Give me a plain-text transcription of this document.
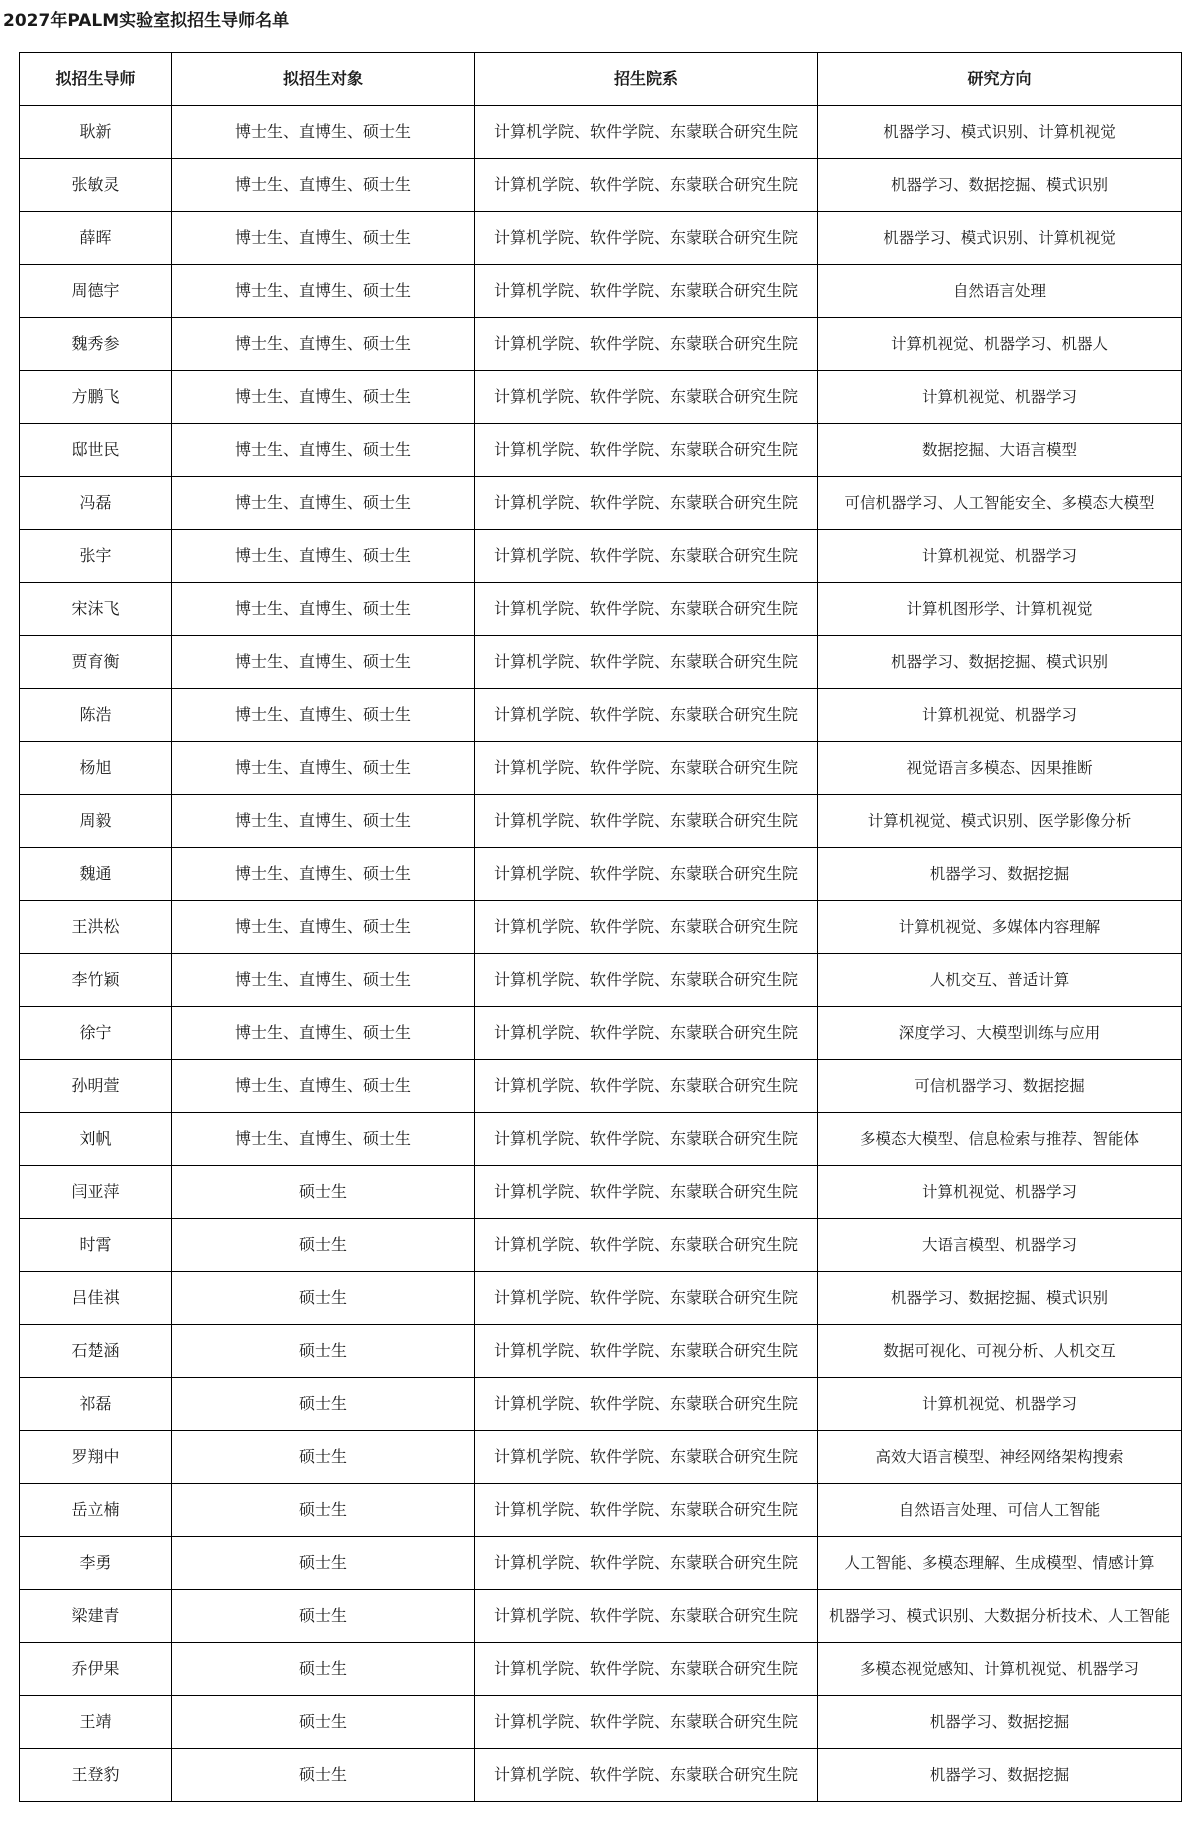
2027年PALM实验室拟招生导师名单
拟招生导师	拟招生对象	招生院系	研究方向
耿新	博士生、直博生、硕士生	计算机学院、软件学院、东蒙联合研究生院	机器学习、模式识别、计算机视觉
张敏灵	博士生、直博生、硕士生	计算机学院、软件学院、东蒙联合研究生院	机器学习、数据挖掘、模式识别
薛晖	博士生、直博生、硕士生	计算机学院、软件学院、东蒙联合研究生院	机器学习、模式识别、计算机视觉
周德宇	博士生、直博生、硕士生	计算机学院、软件学院、东蒙联合研究生院	自然语言处理
魏秀参	博士生、直博生、硕士生	计算机学院、软件学院、东蒙联合研究生院	计算机视觉、机器学习、机器人
方鹏飞	博士生、直博生、硕士生	计算机学院、软件学院、东蒙联合研究生院	计算机视觉、机器学习
邸世民	博士生、直博生、硕士生	计算机学院、软件学院、东蒙联合研究生院	数据挖掘、大语言模型
冯磊	博士生、直博生、硕士生	计算机学院、软件学院、东蒙联合研究生院	可信机器学习、人工智能安全、多模态大模型
张宇	博士生、直博生、硕士生	计算机学院、软件学院、东蒙联合研究生院	计算机视觉、机器学习
宋沫飞	博士生、直博生、硕士生	计算机学院、软件学院、东蒙联合研究生院	计算机图形学、计算机视觉
贾育衡	博士生、直博生、硕士生	计算机学院、软件学院、东蒙联合研究生院	机器学习、数据挖掘、模式识别
陈浩	博士生、直博生、硕士生	计算机学院、软件学院、东蒙联合研究生院	计算机视觉、机器学习
杨旭	博士生、直博生、硕士生	计算机学院、软件学院、东蒙联合研究生院	视觉语言多模态、因果推断
周毅	博士生、直博生、硕士生	计算机学院、软件学院、东蒙联合研究生院	计算机视觉、模式识别、医学影像分析
魏通	博士生、直博生、硕士生	计算机学院、软件学院、东蒙联合研究生院	机器学习、数据挖掘
王洪松	博士生、直博生、硕士生	计算机学院、软件学院、东蒙联合研究生院	计算机视觉、多媒体内容理解
李竹颖	博士生、直博生、硕士生	计算机学院、软件学院、东蒙联合研究生院	人机交互、普适计算
徐宁	博士生、直博生、硕士生	计算机学院、软件学院、东蒙联合研究生院	深度学习、大模型训练与应用
孙明萱	博士生、直博生、硕士生	计算机学院、软件学院、东蒙联合研究生院	可信机器学习、数据挖掘
刘帆	博士生、直博生、硕士生	计算机学院、软件学院、东蒙联合研究生院	多模态大模型、信息检索与推荐、智能体
闫亚萍	硕士生	计算机学院、软件学院、东蒙联合研究生院	计算机视觉、机器学习
时霄	硕士生	计算机学院、软件学院、东蒙联合研究生院	大语言模型、机器学习
吕佳祺	硕士生	计算机学院、软件学院、东蒙联合研究生院	机器学习、数据挖掘、模式识别
石楚涵	硕士生	计算机学院、软件学院、东蒙联合研究生院	数据可视化、可视分析、人机交互
祁磊	硕士生	计算机学院、软件学院、东蒙联合研究生院	计算机视觉、机器学习
罗翔中	硕士生	计算机学院、软件学院、东蒙联合研究生院	高效大语言模型、神经网络架构搜索
岳立楠	硕士生	计算机学院、软件学院、东蒙联合研究生院	自然语言处理、可信人工智能
李勇	硕士生	计算机学院、软件学院、东蒙联合研究生院	人工智能、多模态理解、生成模型、情感计算
梁建青	硕士生	计算机学院、软件学院、东蒙联合研究生院	机器学习、模式识别、大数据分析技术、人工智能
乔伊果	硕士生	计算机学院、软件学院、东蒙联合研究生院	多模态视觉感知、计算机视觉、机器学习
王靖	硕士生	计算机学院、软件学院、东蒙联合研究生院	机器学习、数据挖掘
王登豹	硕士生	计算机学院、软件学院、东蒙联合研究生院	机器学习、数据挖掘
